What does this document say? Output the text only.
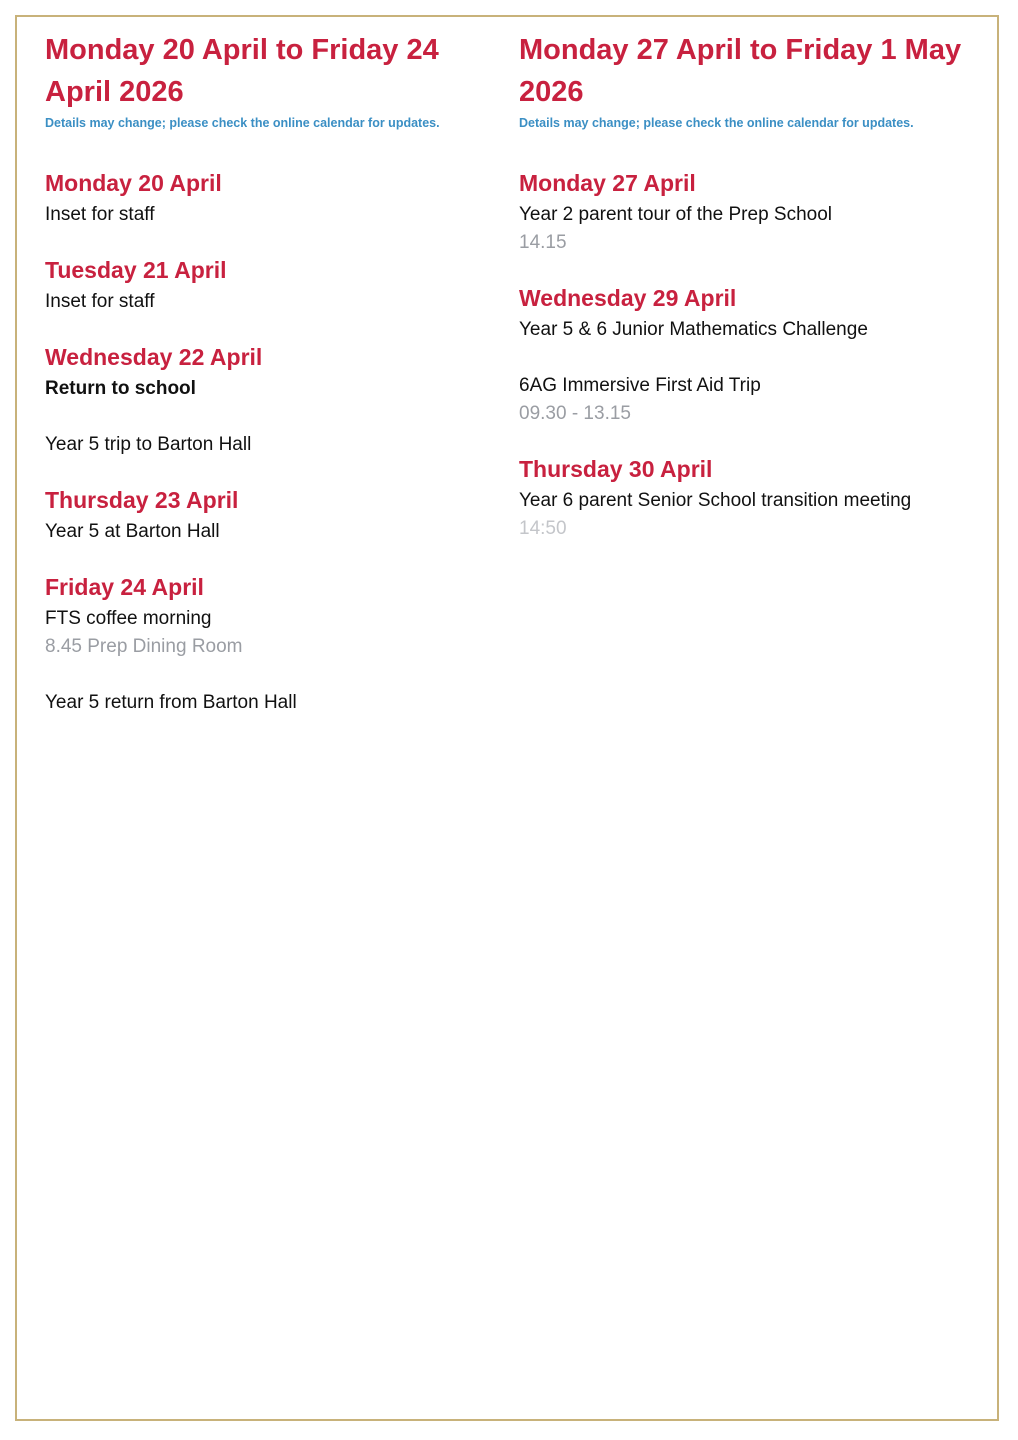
Monday 20 April to Friday 24 April 2026

Details may change; please check the online calendar for updates.

Monday 20 April
Inset for staff
Tuesday 21 April
Inset for staff
Wednesday 22 April
Return to school
Year 5 trip to Barton Hall
Thursday 23 April
Year 5 at Barton Hall
Friday 24 April
FTS coffee morning
8.45 Prep Dining Room
Year 5 return from Barton Hall
Monday 27 April to Friday 1 May 2026

Details may change; please check the online calendar for updates.

Monday 27 April
Year 2 parent tour of the Prep School
14.15
Wednesday 29 April
Year 5 & 6 Junior Mathematics Challenge
6AG Immersive First Aid Trip
09.30 - 13.15
Thursday 30 April
Year 6 parent Senior School transition meeting
14:50
